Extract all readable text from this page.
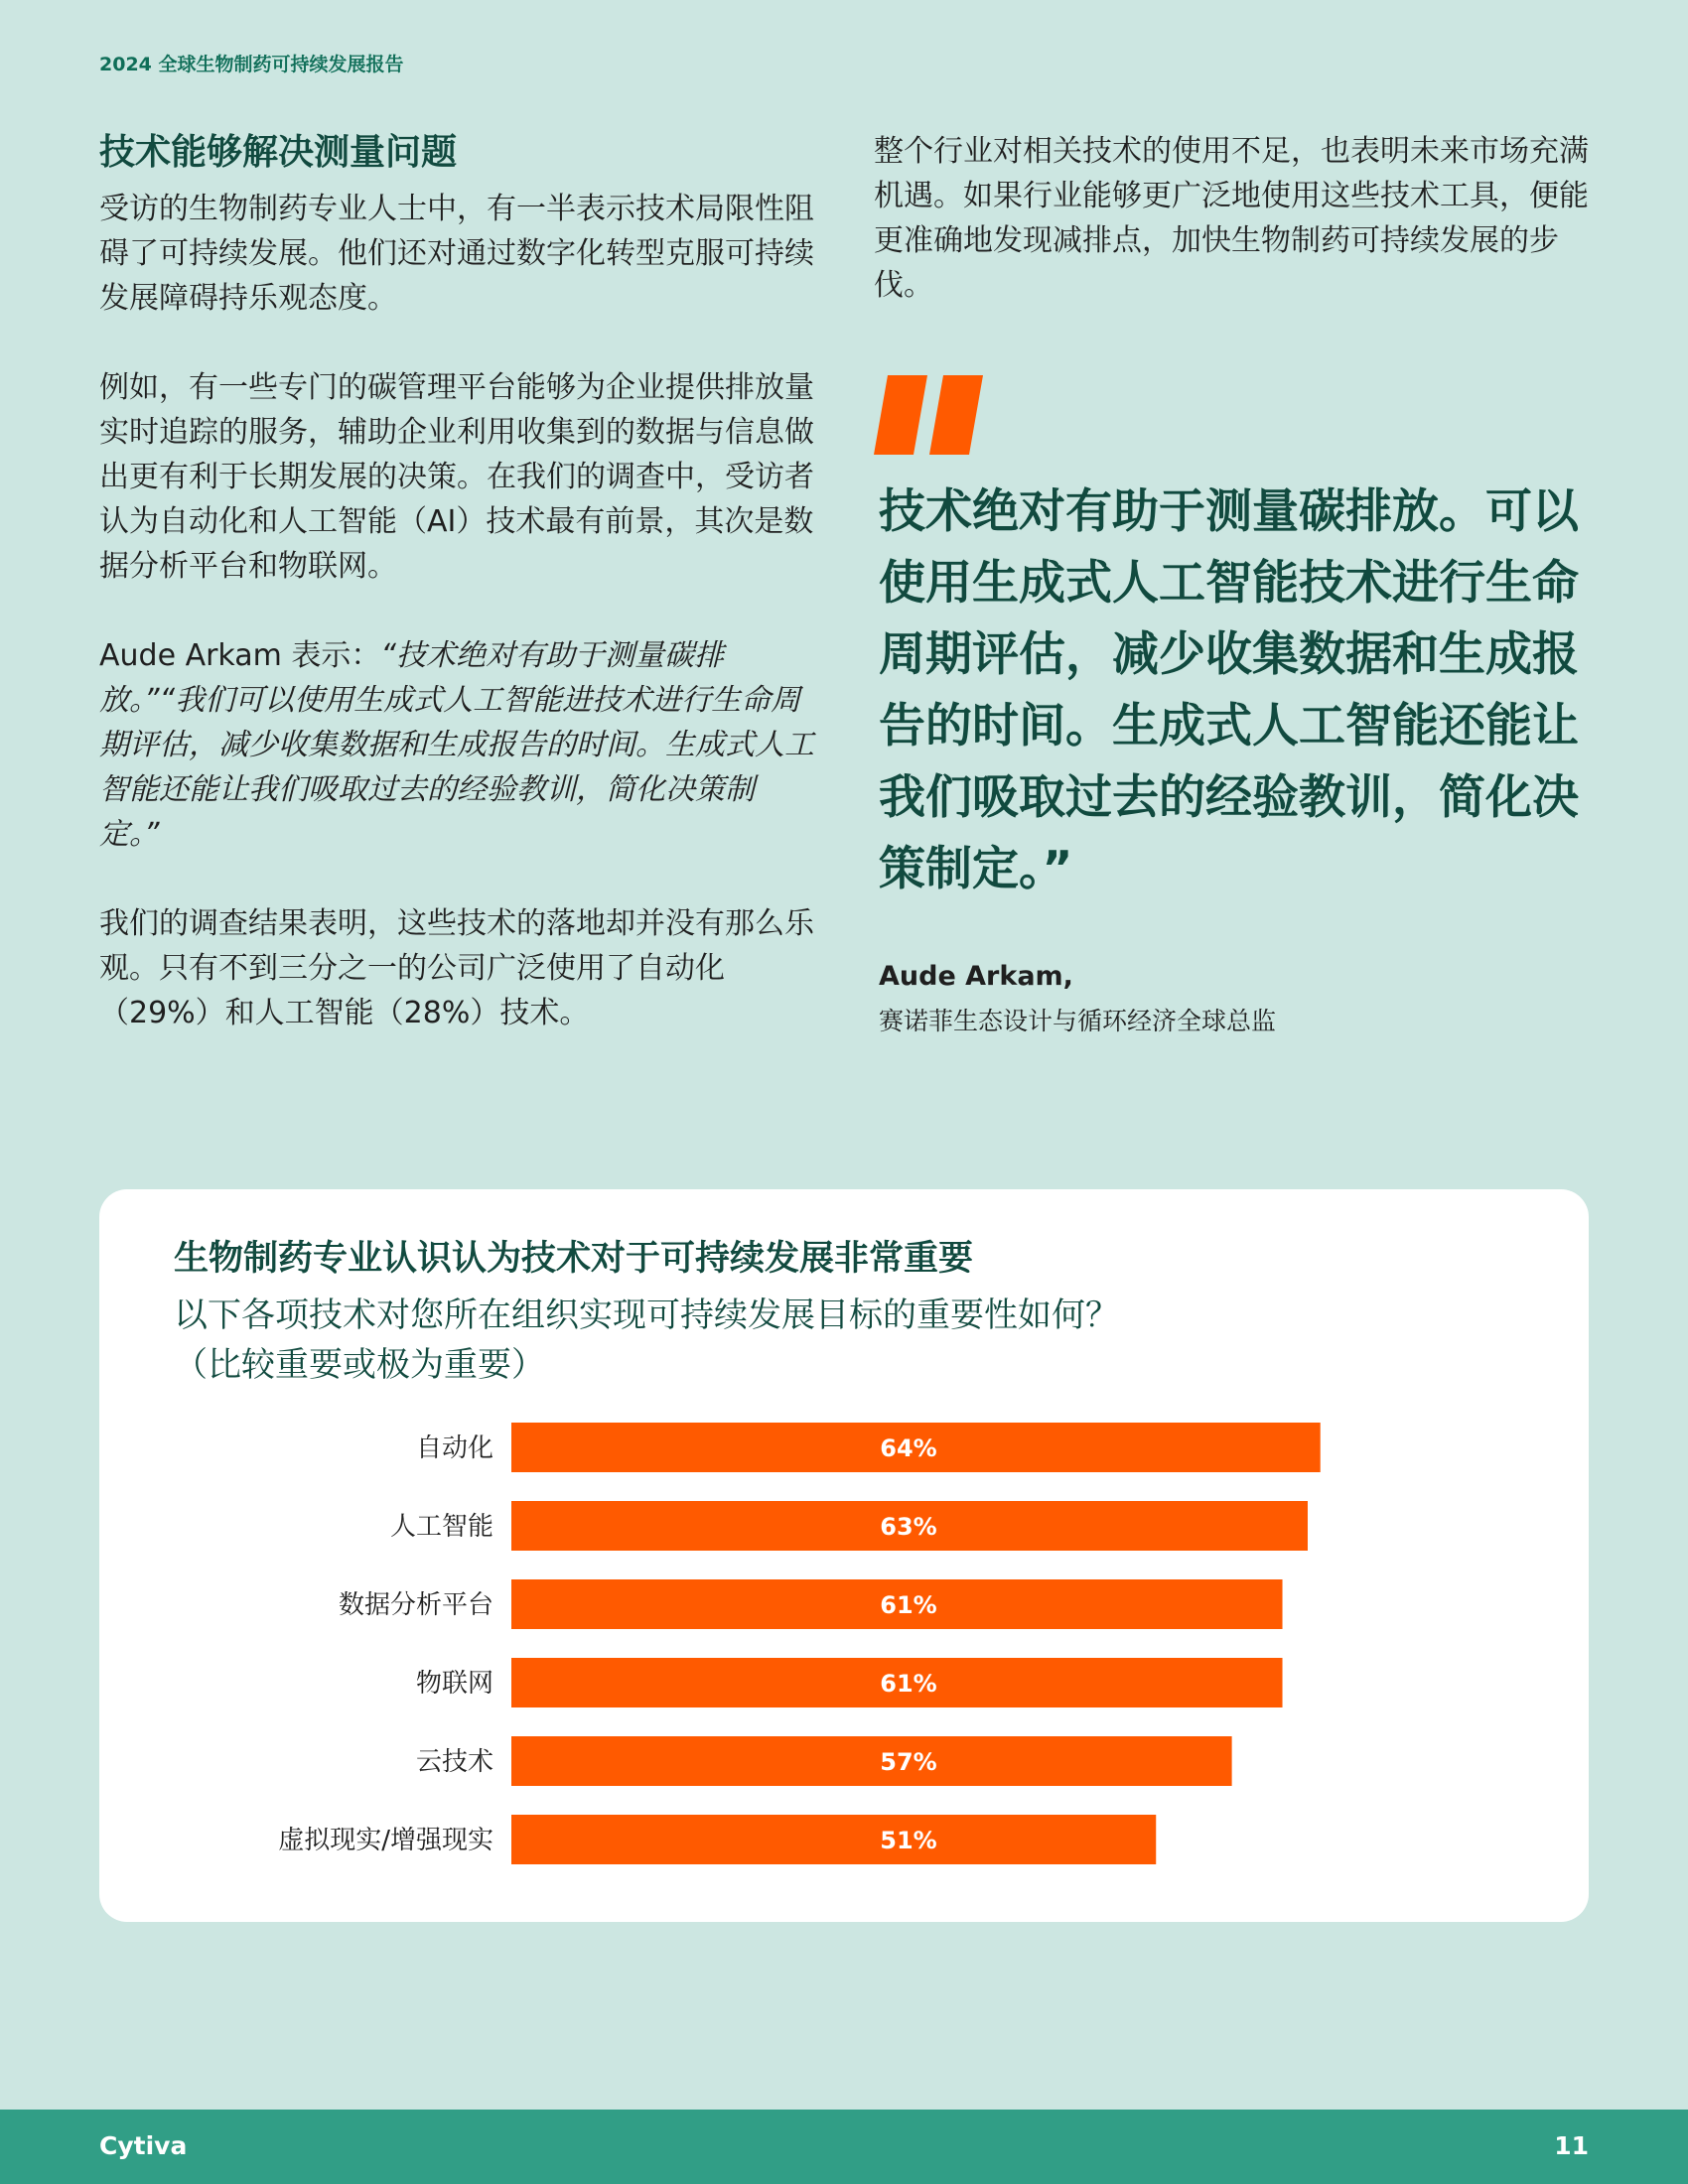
2024 全球生物制药可持续发展报告
技术能够解决测量问题

受访的生物制药专业人士中，有一半表示技术局限性阻碍了可持续发展。他们还对通过数字化转型克服可持续发展障碍持乐观态度。

例如，有一些专门的碳管理平台能够为企业提供排放量实时追踪的服务，辅助企业利用收集到的数据与信息做出更有利于长期发展的决策。在我们的调查中，受访者认为自动化和人工智能（AI）技术最有前景，其次是数据分析平台和物联网。

Aude Arkam 表示：“技术绝对有助于测量碳排放。”“我们可以使用生成式人工智能进技术进行生命周期评估，减少收集数据和生成报告的时间。生成式人工智能还能让我们吸取过去的经验教训，简化决策制定。”

我们的调查结果表明，这些技术的落地却并没有那么乐观。只有不到三分之一的公司广泛使用了自动化（29%）和人工智能（28%）技术。

整个行业对相关技术的使用不足，也表明未来市场充满机遇。如果行业能够更广泛地使用这些技术工具，便能更准确地发现减排点，加快生物制药可持续发展的步伐。

技术绝对有助于测量碳排放。可以使用生成式人工智能技术进行生命周期评估，减少收集数据和生成报告的时间。生成式人工智能还能让我们吸取过去的经验教训，简化决策制定。”
Aude Arkam,
赛诺菲生态设计与循环经济全球总监
生物制药专业认识认为技术对于可持续发展非常重要
以下各项技术对您所在组织实现可持续发展目标的重要性如何？
（比较重要或极为重要）
自动化	64%
人工智能	63%
数据分析平台	61%
物联网	61%
云技术	57%
虚拟现实/增强现实	51%
Cytiva	11
